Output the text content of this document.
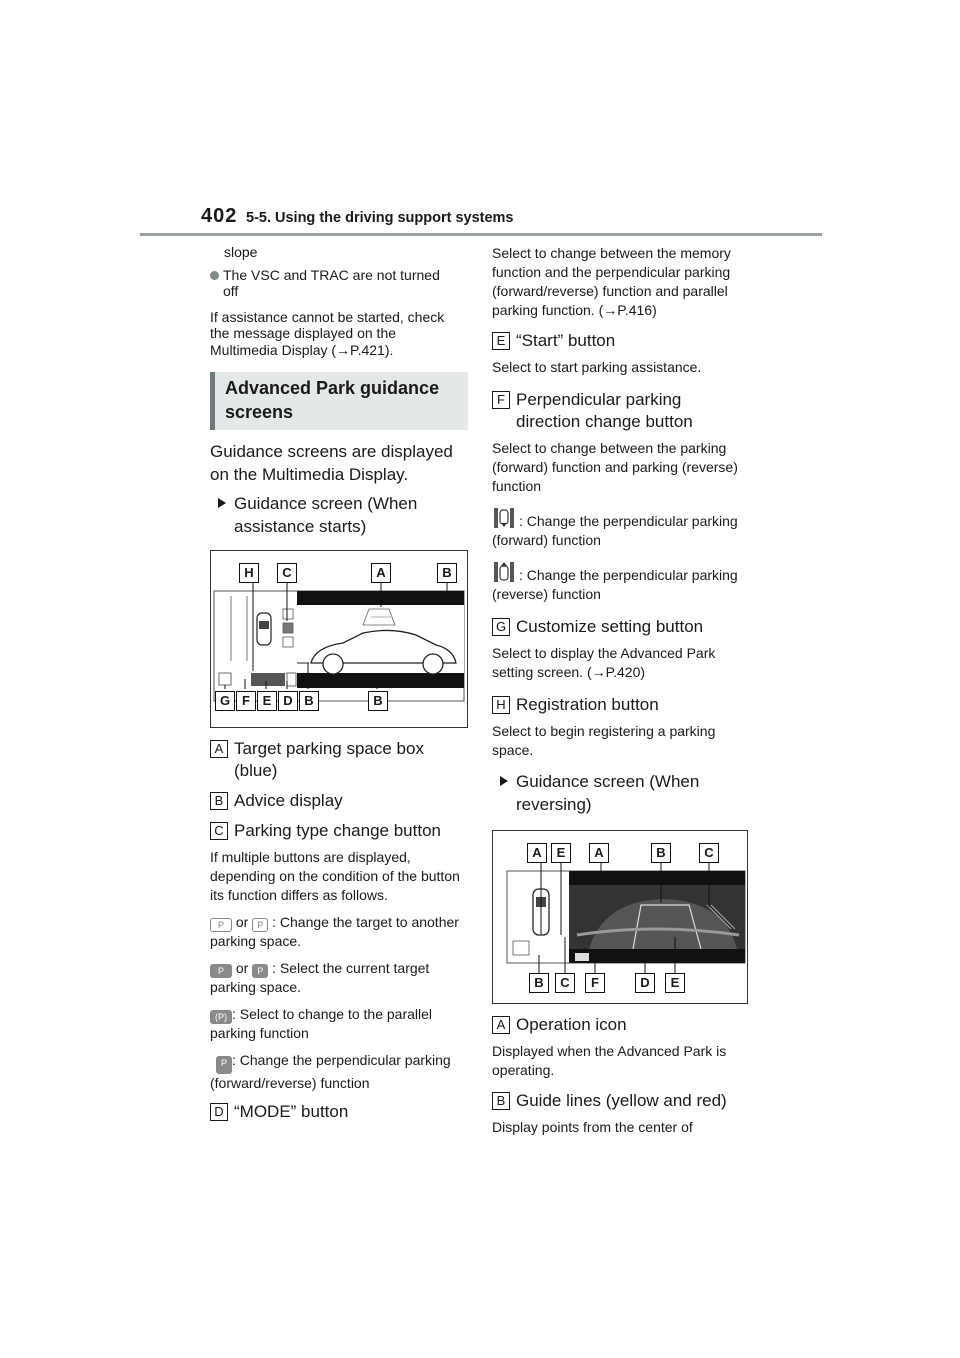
402 5-5. Using the driving support systems
slope
The VSC and TRAC are not turned off
If assistance cannot be started, check the message displayed on the Multimedia Display (→P.421).
Advanced Park guidance screens
Guidance screens are displayed on the Multimedia Display.
Guidance screen (When
assistance starts)
H	C	A	B
G F E D B	B
A Target parking space box (blue)
B Advice display
C Parking type change button
If multiple buttons are displayed, depending on the condition of the button its function differs as follows.
P or P : Change the target to another parking space.
P or P : Select the current target parking space.
(P) : Select to change to the parallel parking function
P : Change the perpendicular parking (forward/reverse) function
D “MODE” button
Select to change between the memory function and the perpendicular parking (forward/reverse) function and parallel parking function. (→P.416)
E “Start” button
Select to start parking assistance.
F Perpendicular parking direction change button
Select to change between the parking (forward) function and parking (reverse) function
: Change the perpendicular parking (forward) function
: Change the perpendicular parking (reverse) function
G Customize setting button
Select to display the Advanced Park setting screen. (→P.420)
H Registration button
Select to begin registering a parking space.
Guidance screen (When
reversing)
A	E	A	B	C
B	C	F	D	E
A Operation icon
Displayed when the Advanced Park is operating.
B Guide lines (yellow and red)
Display points from the center of
